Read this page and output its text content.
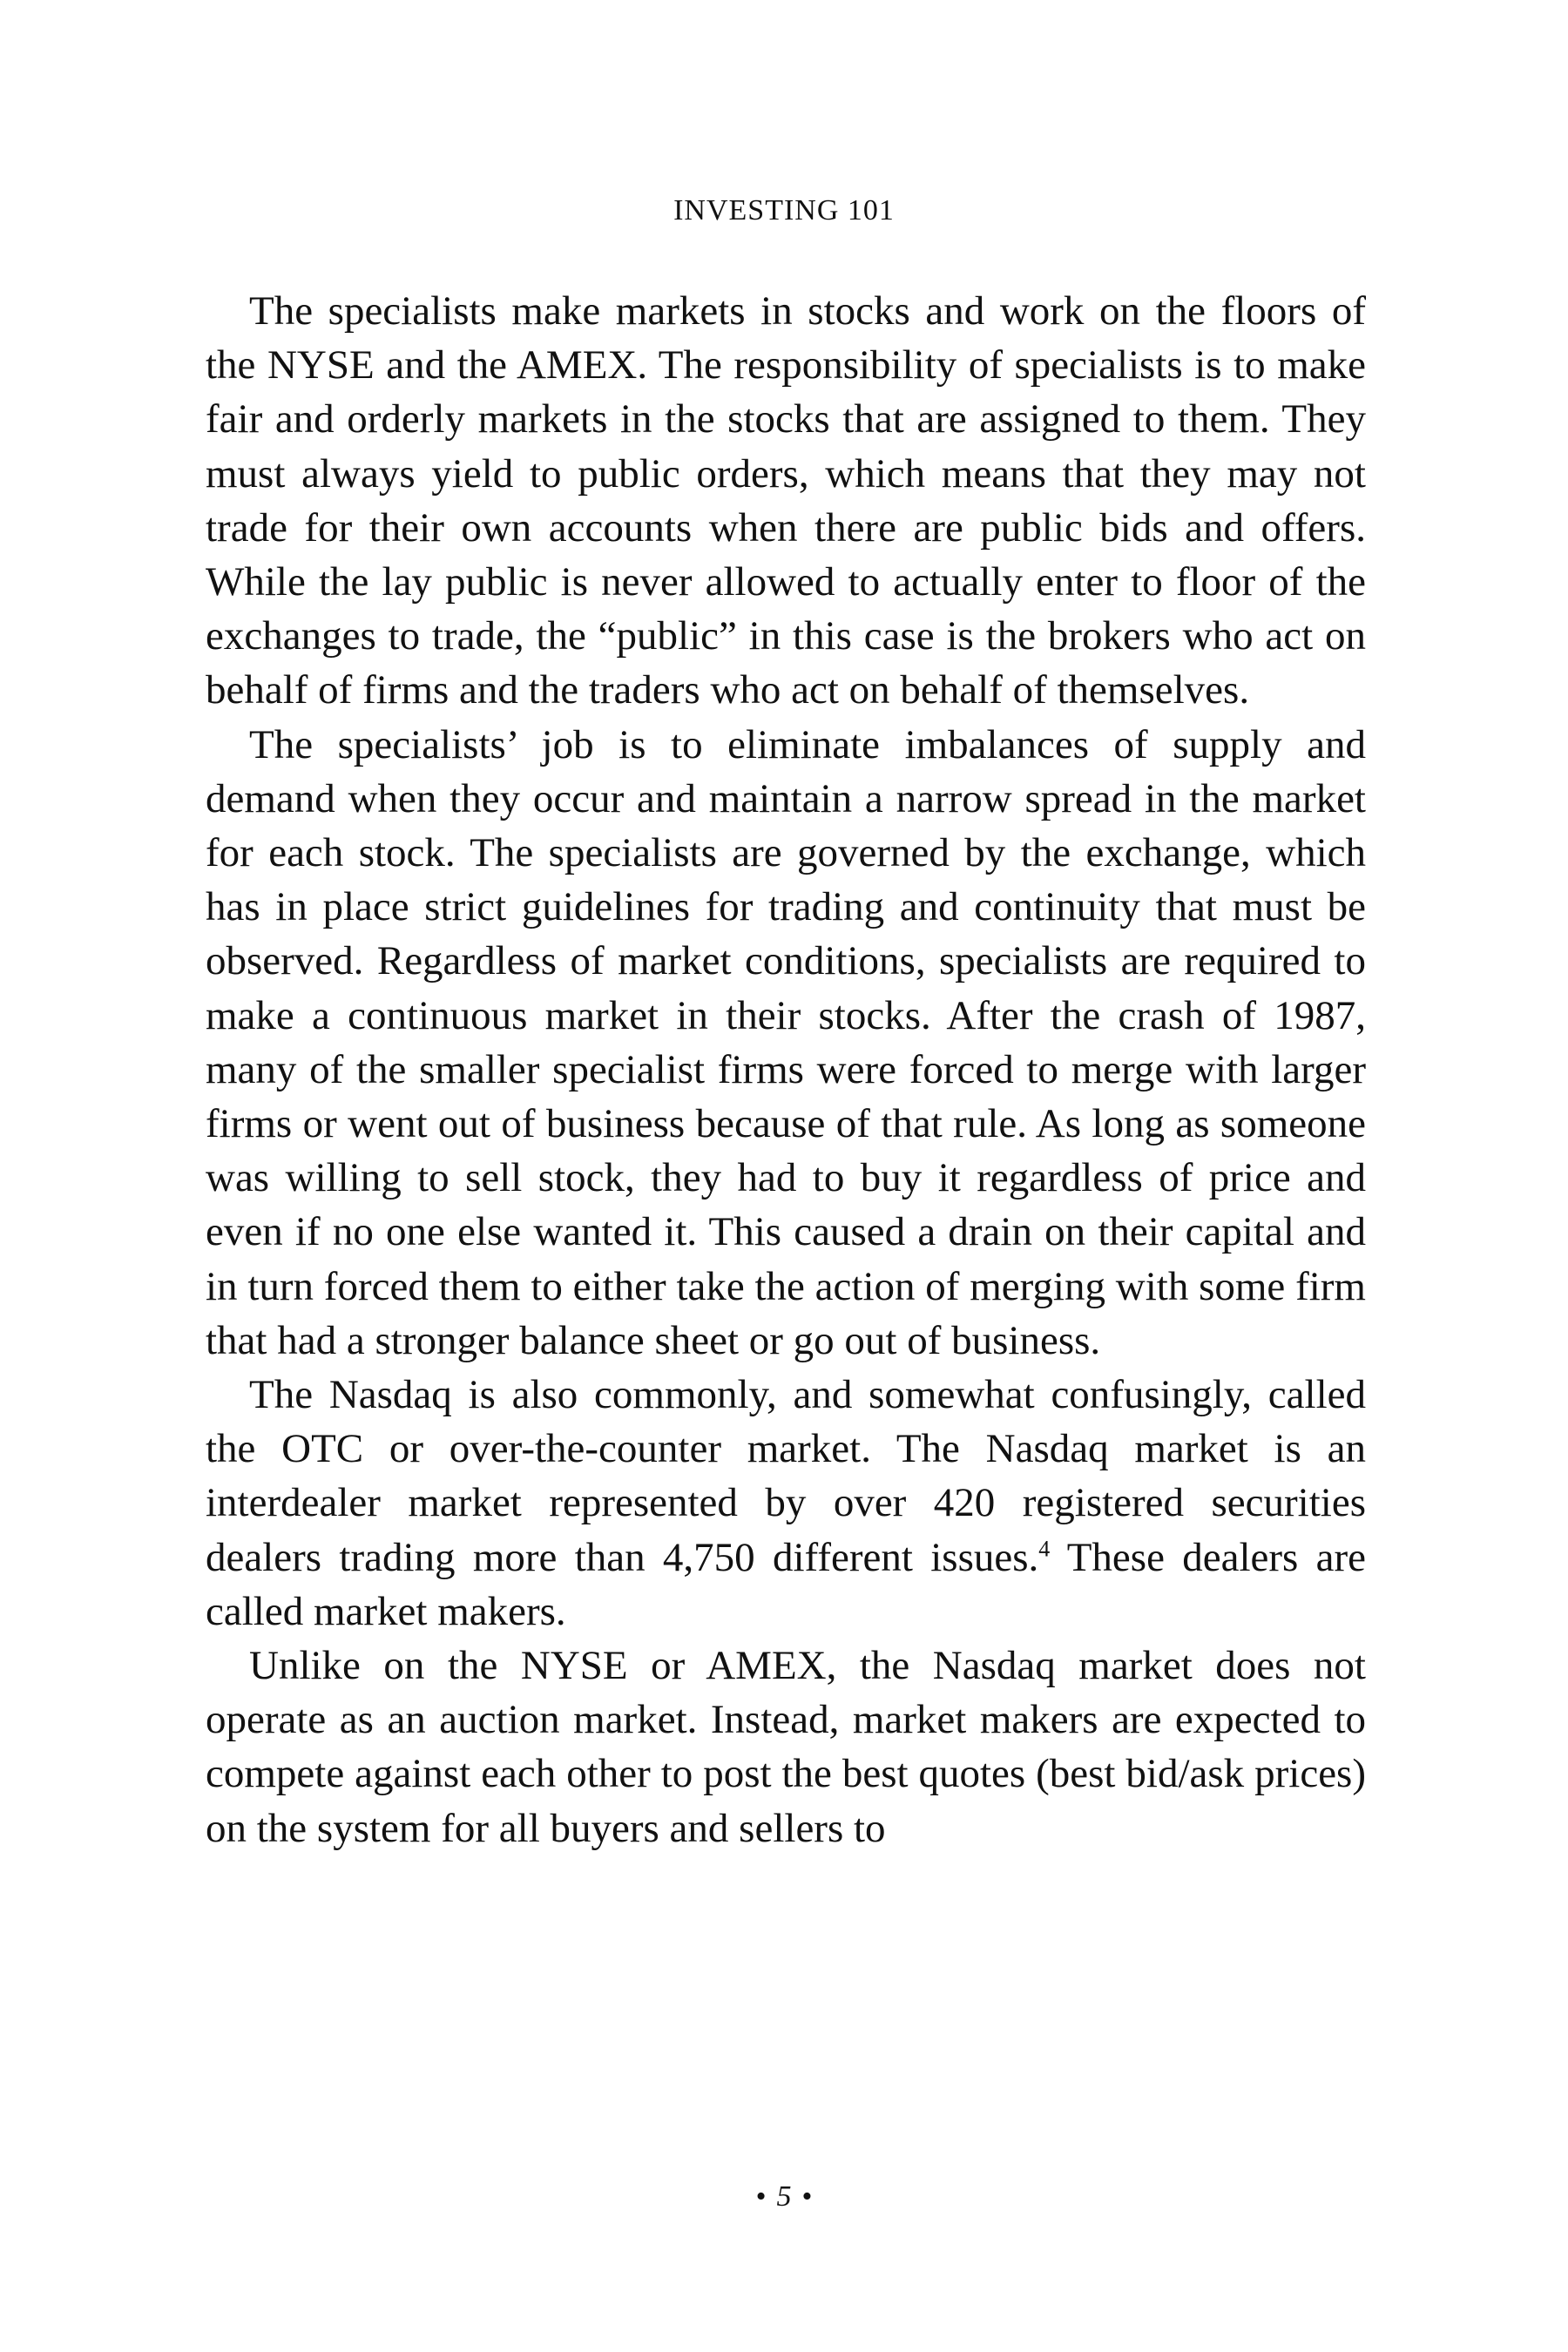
INVESTING 101

The specialists make markets in stocks and work on the floors of the NYSE and the AMEX. The responsibility of specialists is to make fair and orderly markets in the stocks that are assigned to them. They must always yield to public orders, which means that they may not trade for their own accounts when there are public bids and offers. While the lay public is never allowed to actually enter to floor of the exchanges to trade, the “public” in this case is the brokers who act on behalf of firms and the traders who act on behalf of themselves.

The specialists’ job is to eliminate imbalances of supply and demand when they occur and maintain a narrow spread in the market for each stock. The specialists are governed by the exchange, which has in place strict guidelines for trading and continuity that must be observed. Regardless of market conditions, specialists are required to make a continuous market in their stocks. After the crash of 1987, many of the smaller specialist firms were forced to merge with larger firms or went out of business because of that rule. As long as someone was willing to sell stock, they had to buy it regardless of price and even if no one else wanted it. This caused a drain on their capital and in turn forced them to either take the action of merging with some firm that had a stronger balance sheet or go out of business.

The Nasdaq is also commonly, and somewhat confusingly, called the OTC or over-the-counter market. The Nasdaq market is an interdealer market represented by over 420 registered securities dealers trading more than 4,750 different issues.$^4$ These dealers are called market makers.

Unlike on the NYSE or AMEX, the Nasdaq market does not operate as an auction market. Instead, market makers are expected to compete against each other to post the best quotes (best bid/ask prices) on the system for all buyers and sellers to

• 5 •
